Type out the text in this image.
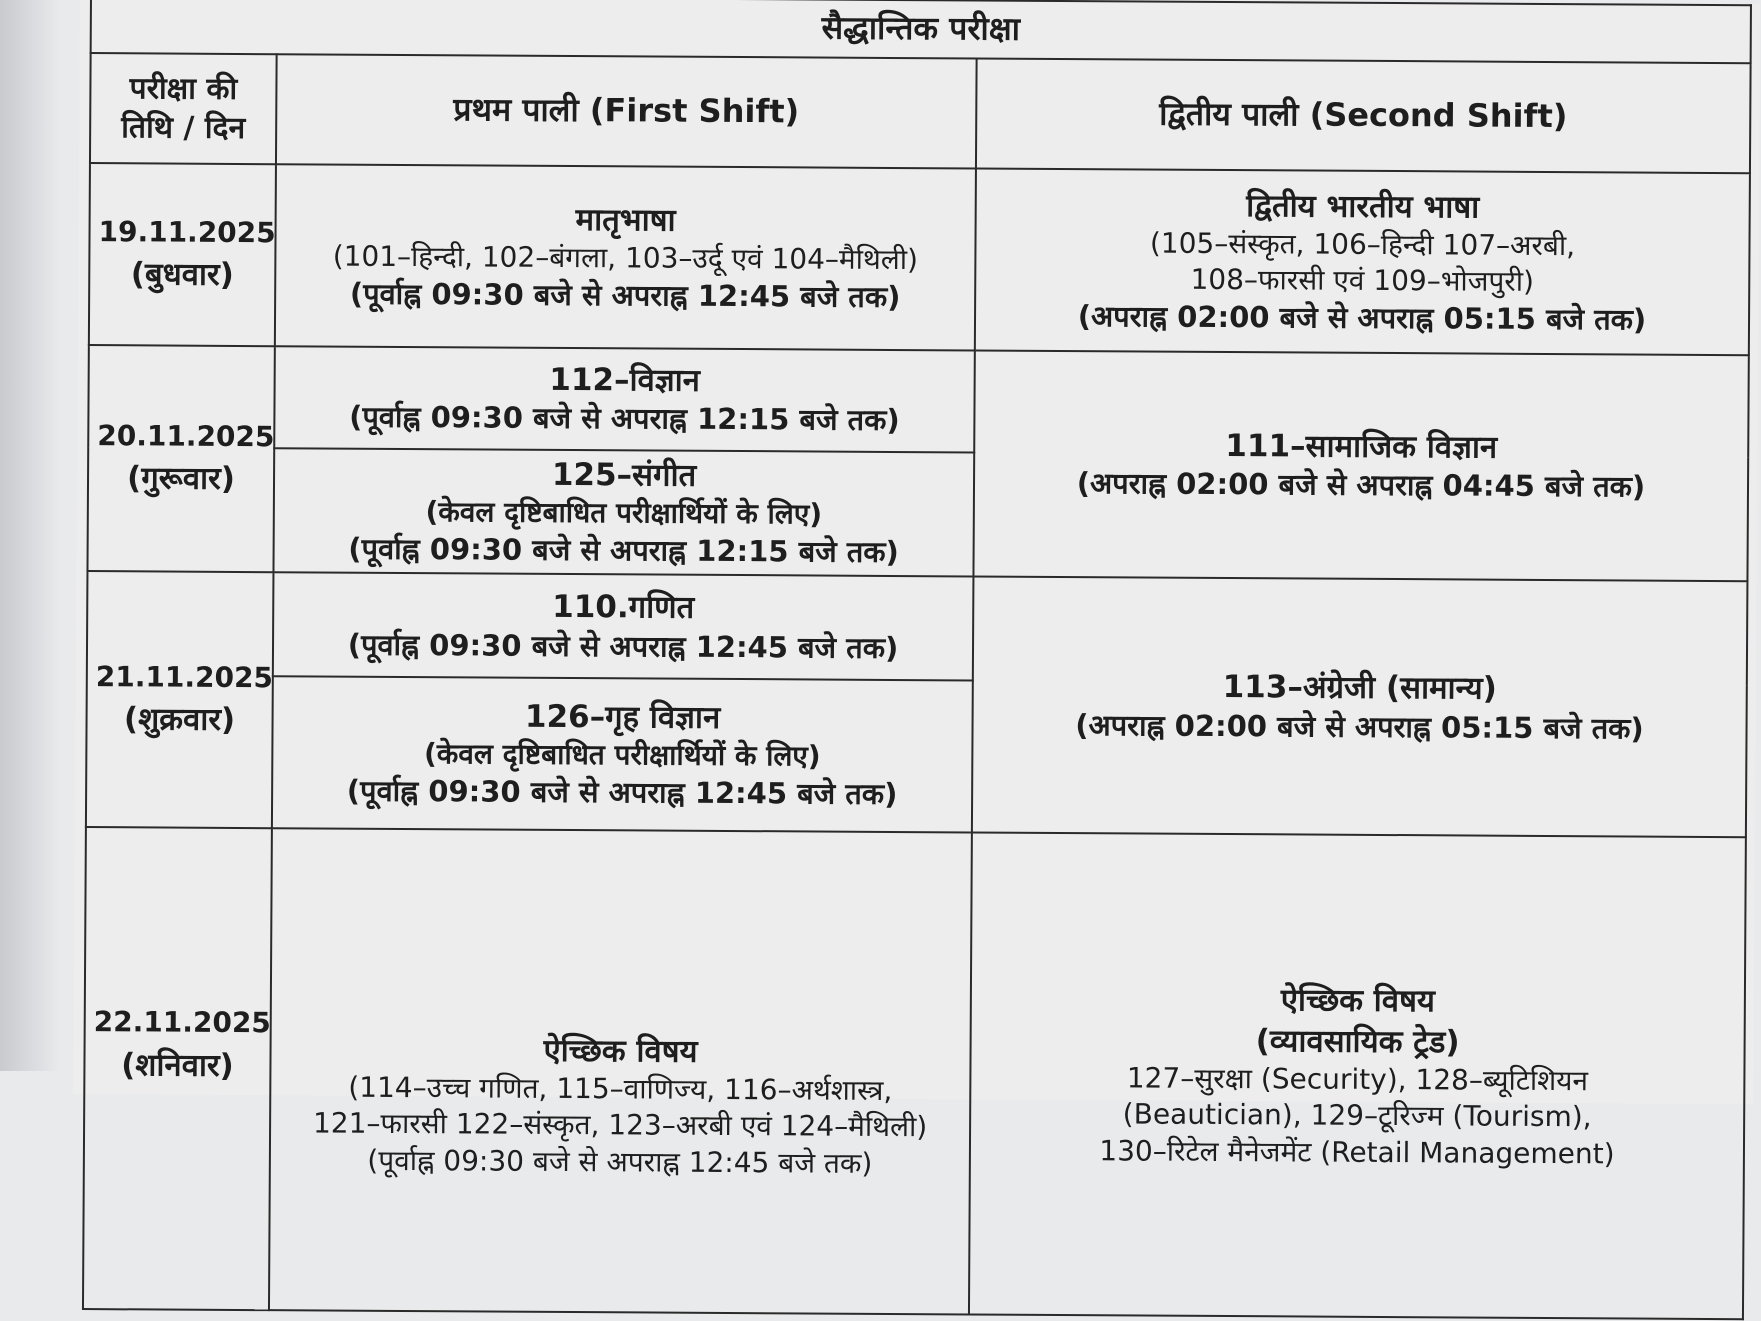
सैद्धान्तिक परीक्षा		

परीक्षा की
तिथि / दिन	प्रथम पाली (First Shift)	द्वितीय पाली (Second Shift)
19.11.2025
(बुधवार)	मातृभाषा
(101–हिन्दी, 102–बंगला, 103–उर्दू एवं 104–मैथिली)
(पूर्वाह्न 09:30 बजे से अपराह्न 12:45 बजे तक)	द्वितीय भारतीय भाषा
(105–संस्कृत, 106–हिन्दी 107–अरबी,
108–फारसी एवं 109–भोजपुरी)
(अपराह्न 02:00 बजे से अपराह्न 05:15 बजे तक)

20.11.2025
(गुरूवार)	112–विज्ञान
(पूर्वाह्न 09:30 बजे से अपराह्न 12:15 बजे तक)	111–सामाजिक विज्ञान
(अपराह्न 02:00 बजे से अपराह्न 04:45 बजे तक)

	125–संगीत
(केवल दृष्टिबाधित परीक्षार्थियों के लिए)
(पूर्वाह्न 09:30 बजे से अपराह्न 12:15 बजे तक)	

21.11.2025
(शुक्रवार)	110.गणित
(पूर्वाह्न 09:30 बजे से अपराह्न 12:45 बजे तक)	113–अंग्रेजी (सामान्य)
(अपराह्न 02:00 बजे से अपराह्न 05:15 बजे तक)

	126–गृह विज्ञान
(केवल दृष्टिबाधित परीक्षार्थियों के लिए)
(पूर्वाह्न 09:30 बजे से अपराह्न 12:45 बजे तक)	

22.11.2025
(शनिवार)	ऐच्छिक विषय
(114–उच्च गणित, 115–वाणिज्य, 116–अर्थशास्त्र,
121–फारसी 122–संस्कृत, 123–अरबी एवं 124–मैथिली)
(पूर्वाह्न 09:30 बजे से अपराह्न 12:45 बजे तक)	ऐच्छिक विषय
(व्यावसायिक ट्रेड)
127–सुरक्षा (Security), 128–ब्यूटिशियन
(Beautician), 129–टूरिज्म (Tourism),
130–रिटेल मैनेजमेंट (Retail Management)
